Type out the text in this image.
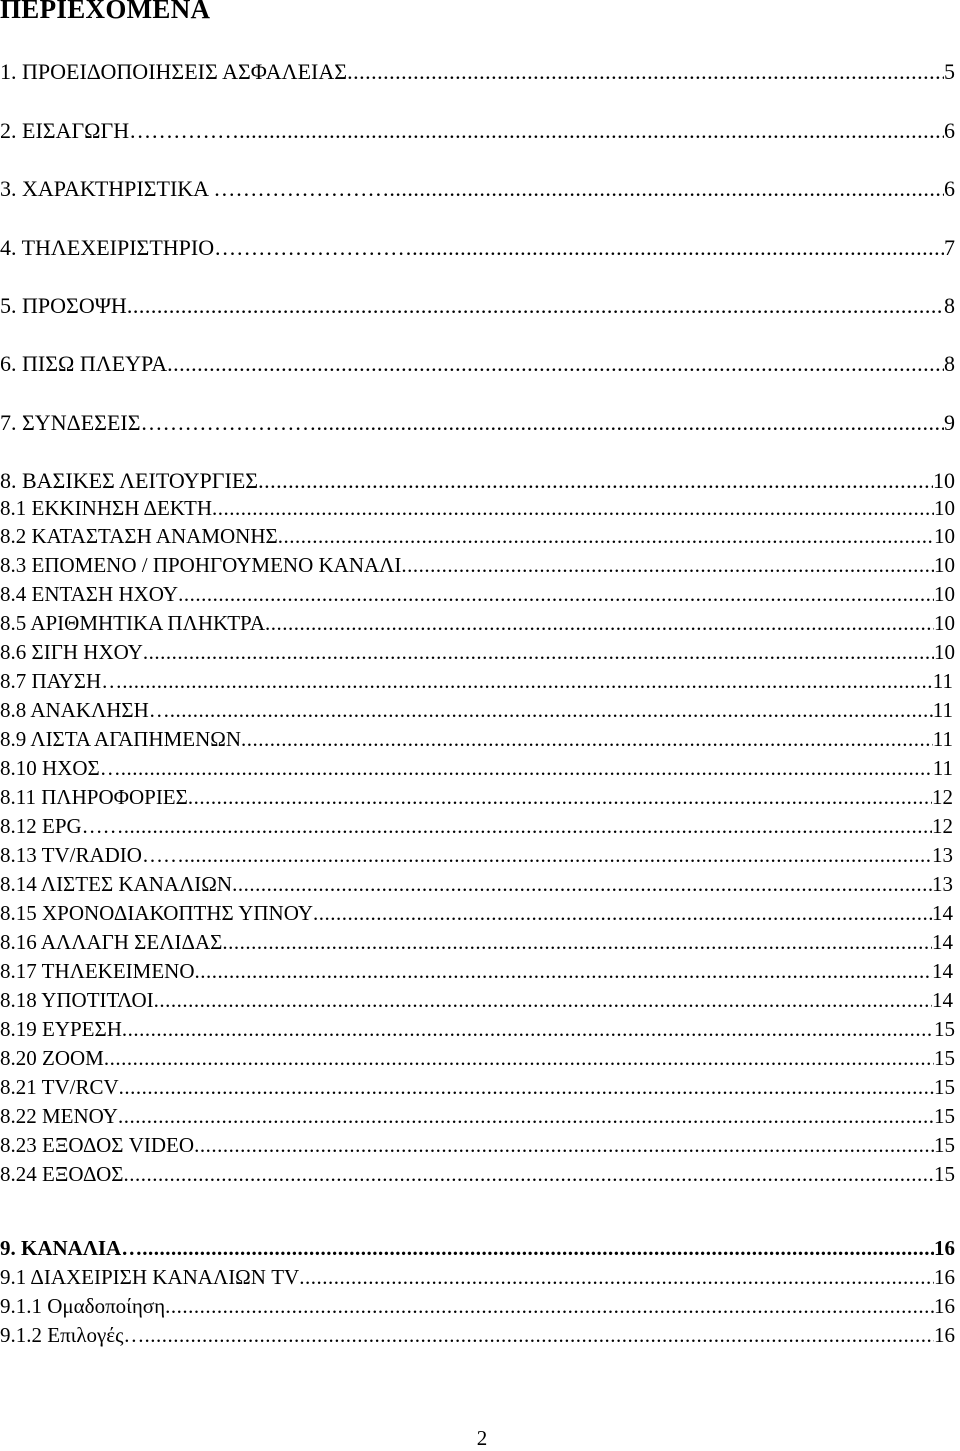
ΠΕΡΙΕΧΟΜΕΝΑ
1. ΠΡΟΕΙΔΟΠΟΙΗΣΕΙΣ ΑΣΦΑΛΕΙΑΣ .....	5
2. ΕΙΣΑΓΩΓΗ…………… .....	6
3. ΧΑΡΑΚΤΗΡΙΣΤΙΚΑ …………………… .....	6
4. ΤΗΛΕΧΕΙΡΙΣΤΗΡΙΟ……………………… .....	7
5. ΠΡΟΣΟΨΗ .....	8
6. ΠΙΣΩ ΠΛΕΥΡΑ .....	8
7. ΣΥΝΔΕΣΕΙΣ…………………… .....	9
8. ΒΑΣΙΚΕΣ ΛΕΙΤΟΥΡΓΙΕΣ .....	10
8.1 ΕΚΚΙΝΗΣΗ ΔΕΚΤΗ .....	10
8.2 ΚΑΤΑΣΤΑΣΗ ΑΝΑΜΟΝΗΣ .....	10
8.3 ΕΠΟΜΕΝΟ / ΠΡΟΗΓΟΥΜΕΝΟ ΚΑΝΑΛΙ .....	10
8.4 ΕΝΤΑΣΗ ΗΧΟΥ .....	10
8.5 ΑΡΙΘΜΗΤΙΚΑ ΠΛΗΚΤΡΑ .....	10
8.6 ΣΙΓΗ ΗΧΟΥ .....	10
8.7 ΠΑΥΣΗ… .....	11
8.8 ΑΝΑΚΛΗΣΗ… .....	11
8.9 ΛΙΣΤΑ ΑΓΑΠΗΜΕΝΩΝ .....	11
8.10 ΗΧΟΣ… .....	11
8.11 ΠΛΗΡΟΦΟΡΙΕΣ .....	12
8.12 EPG…… .....	12
8.13 TV/RADIO…… .....	13
8.14 ΛΙΣΤΕΣ ΚΑΝΑΛΙΩΝ .....	13
8.15 ΧΡΟΝΟΔΙΑΚΟΠΤΗΣ ΥΠΝΟΥ .....	14
8.16 ΑΛΛΑΓΗ ΣΕΛΙΔΑΣ .....	14
8.17 ΤΗΛΕΚΕΙΜΕΝΟ .....	14
8.18 ΥΠΟΤΙΤΛΟΙ .....	14
8.19 ΕΥΡΕΣΗ .....	15
8.20 ZOOM .....	15
8.21 TV/RCV .....	15
8.22 ΜΕΝΟΥ .....	15
8.23 ΕΞΟΔΟΣ VIDEO .....	15
8.24 ΕΞΟΔΟΣ .....	15
9. ΚΑΝΑΛΙΑ… .....	16
9.1 ΔΙΑΧΕΙΡΙΣΗ ΚΑΝΑΛΙΩΝ TV .....	16
9.1.1 Ομαδοποίηση .....	16
9.1.2 Επιλογές… .....	16
2
